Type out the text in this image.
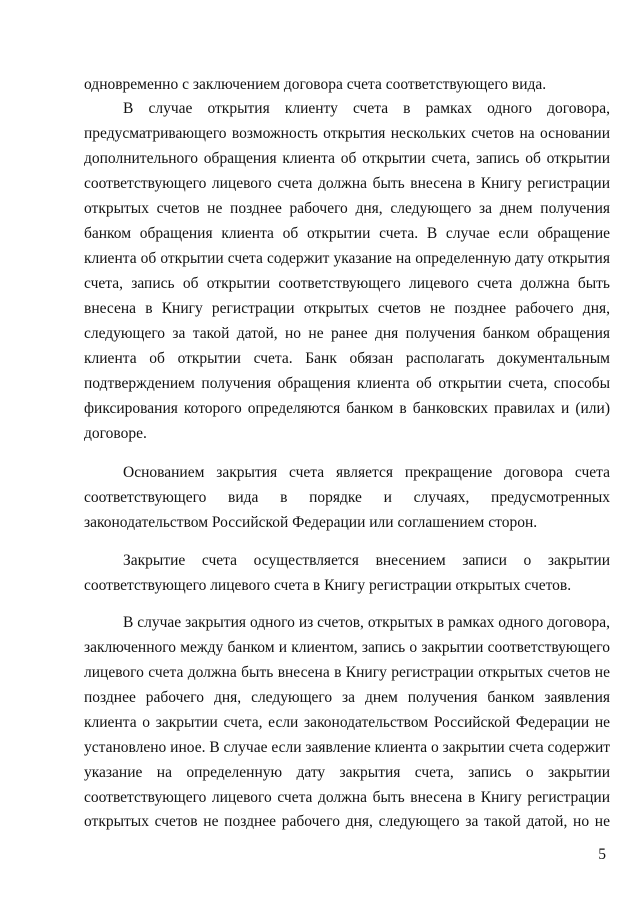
одновременно с заключением договора счета соответствующего вида.
В случае открытия клиенту счета в рамках одного договора,
предусматривающего возможность открытия нескольких счетов на основании
дополнительного обращения клиента об открытии счета, запись об открытии
соответствующего лицевого счета должна быть внесена в Книгу регистрации
открытых счетов не позднее рабочего дня, следующего за днем получения
банком обращения клиента об открытии счета. В случае если обращение
клиента об открытии счета содержит указание на определенную дату открытия
счета, запись об открытии соответствующего лицевого счета должна быть
внесена в Книгу регистрации открытых счетов не позднее рабочего дня,
следующего за такой датой, но не ранее дня получения банком обращения
клиента об открытии счета. Банк обязан располагать документальным
подтверждением получения обращения клиента об открытии счета, способы
фиксирования которого определяются банком в банковских правилах и (или)
договоре.
Основанием закрытия счета является прекращение договора счета
соответствующего вида в порядке и случаях, предусмотренных
законодательством Российской Федерации или соглашением сторон.
Закрытие счета осуществляется внесением записи о закрытии
соответствующего лицевого счета в Книгу регистрации открытых счетов.
В случае закрытия одного из счетов, открытых в рамках одного договора,
заключенного между банком и клиентом, запись о закрытии соответствующего
лицевого счета должна быть внесена в Книгу регистрации открытых счетов не
позднее рабочего дня, следующего за днем получения банком заявления
клиента о закрытии счета, если законодательством Российской Федерации не
установлено иное. В случае если заявление клиента о закрытии счета содержит
указание на определенную дату закрытия счета, запись о закрытии
соответствующего лицевого счета должна быть внесена в Книгу регистрации
открытых счетов не позднее рабочего дня, следующего за такой датой, но не
5
